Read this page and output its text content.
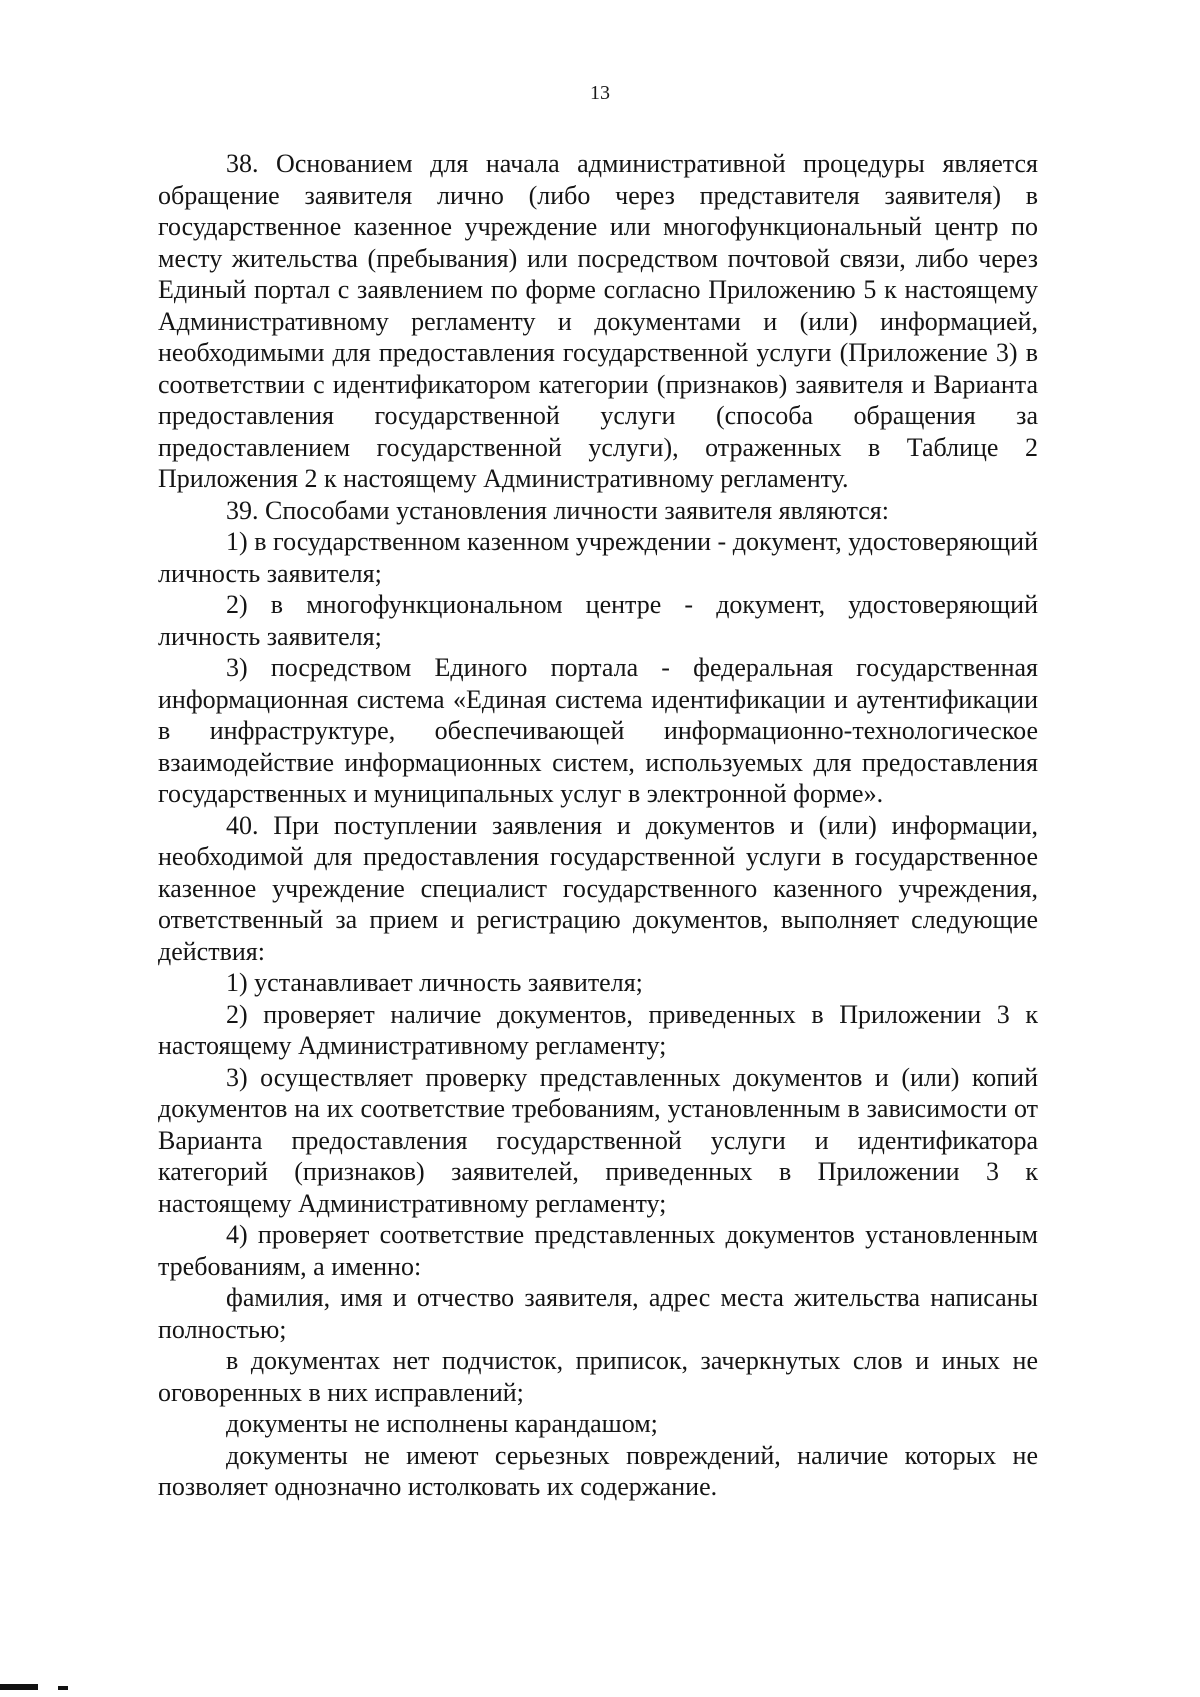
13

38. Основанием для начала административной процедуры является обращение заявителя лично (либо через представителя заявителя) в государственное казенное учреждение или многофункциональный центр по месту жительства (пребывания) или посредством почтовой связи, либо через Единый портал с заявлением по форме согласно Приложению 5 к настоящему Административному регламенту и документами и (или) информацией, необходимыми для предоставления государственной услуги (Приложение 3) в соответствии с идентификатором категории (признаков) заявителя и Варианта предоставления государственной услуги (способа обращения за предоставлением государственной услуги), отраженных в Таблице 2 Приложения 2 к настоящему Административному регламенту.

39. Способами установления личности заявителя являются:

1) в государственном казенном учреждении - документ, удостоверяющий личность заявителя;

2) в многофункциональном центре - документ, удостоверяющий личность заявителя;

3) посредством Единого портала - федеральная государственная информационная система «Единая система идентификации и аутентификации в инфраструктуре, обеспечивающей информационно-технологическое взаимодействие информационных систем, используемых для предоставления государственных и муниципальных услуг в электронной форме».

40. При поступлении заявления и документов и (или) информации, необходимой для предоставления государственной услуги в государственное казенное учреждение специалист государственного казенного учреждения, ответственный за прием и регистрацию документов, выполняет следующие действия:

1) устанавливает личность заявителя;

2) проверяет наличие документов, приведенных в Приложении 3 к настоящему Административному регламенту;

3) осуществляет проверку представленных документов и (или) копий документов на их соответствие требованиям, установленным в зависимости от Варианта предоставления государственной услуги и идентификатора категорий (признаков) заявителей, приведенных в Приложении 3 к настоящему Административному регламенту;

4) проверяет соответствие представленных документов установленным требованиям, а именно:

фамилия, имя и отчество заявителя, адрес места жительства написаны полностью;

в документах нет подчисток, приписок, зачеркнутых слов и иных не оговоренных в них исправлений;

документы не исполнены карандашом;

документы не имеют серьезных повреждений, наличие которых не позволяет однозначно истолковать их содержание.
